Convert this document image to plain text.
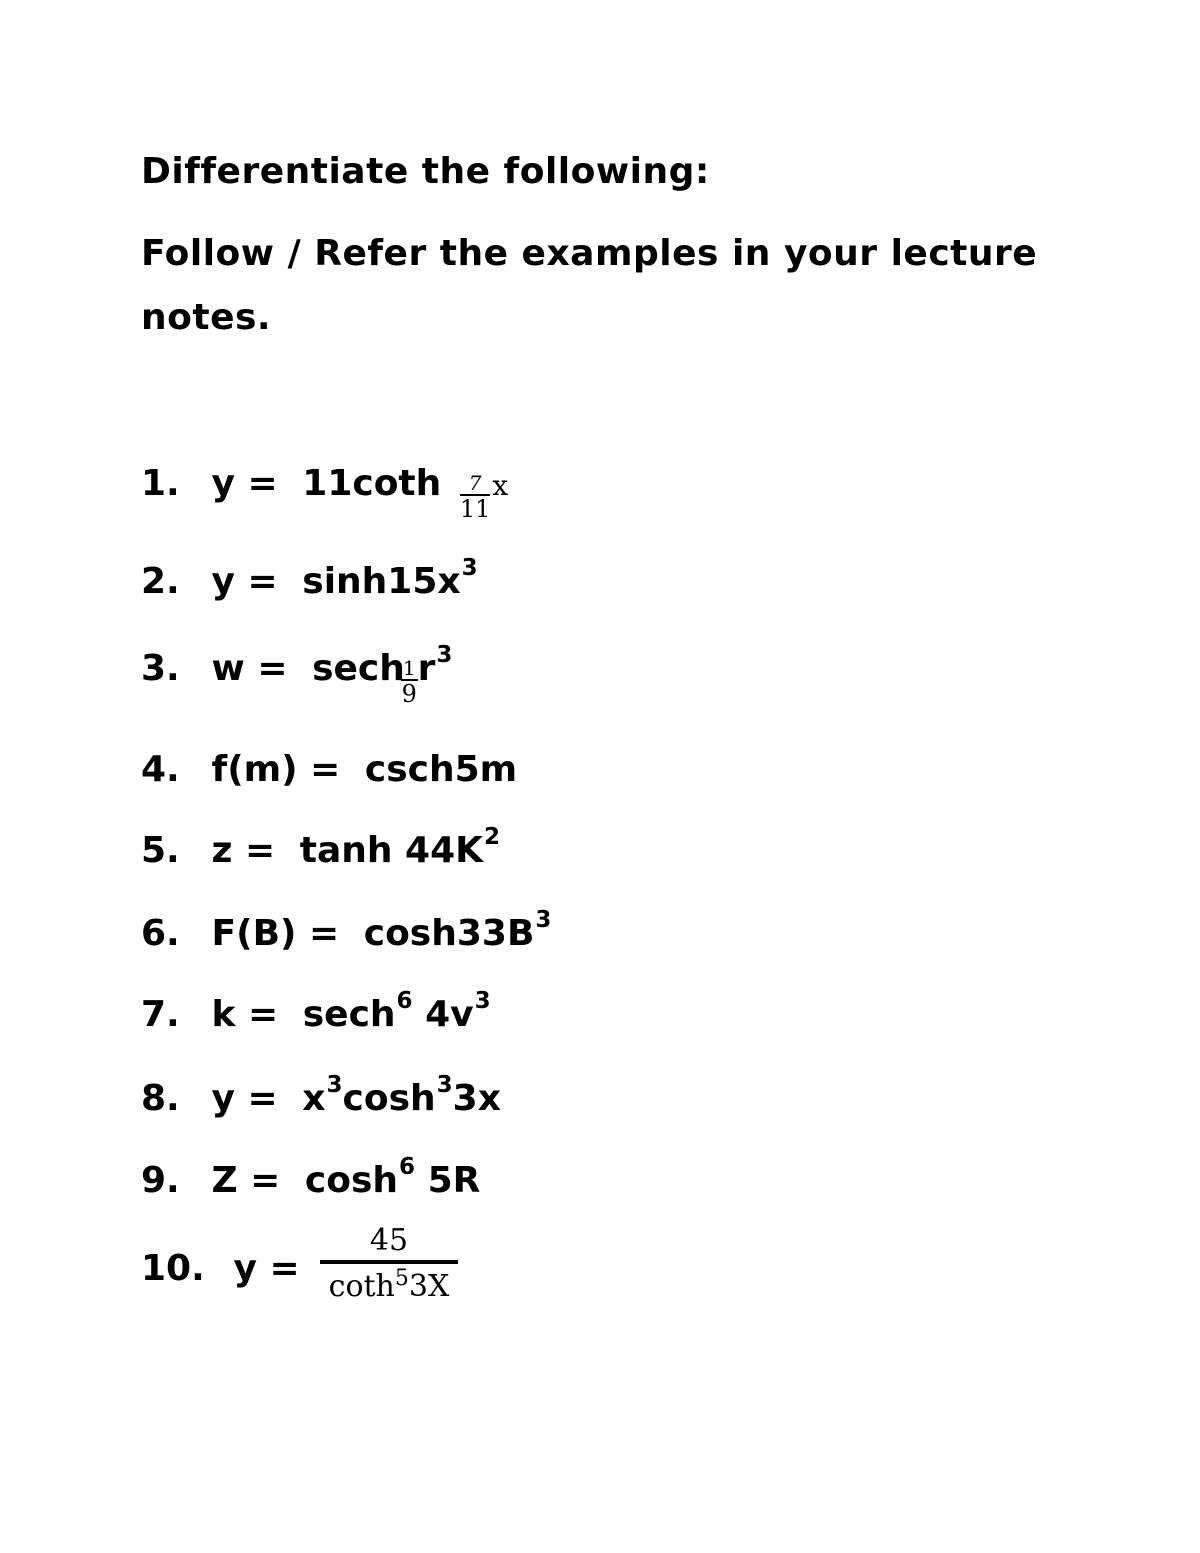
Differentiate the following:
Follow / Refer the examples in your lecture
notes.
1. $y = 11\cot h \frac{7}{11}$ x
2. $y = \sinh 15x^3$
3. w = sech
$\frac{1}{9} r^3$
4. f(m) = csch5m
5. $z = \tanh 44K^2$
6. $F(B) = \cosh 33B^3$
7. k = sech$^6$ $4v^3$
8. $y = x^3\cosh^33x$
9. $Z = \cosh^6 5R$
10. y =
45
coth$^5$3X
